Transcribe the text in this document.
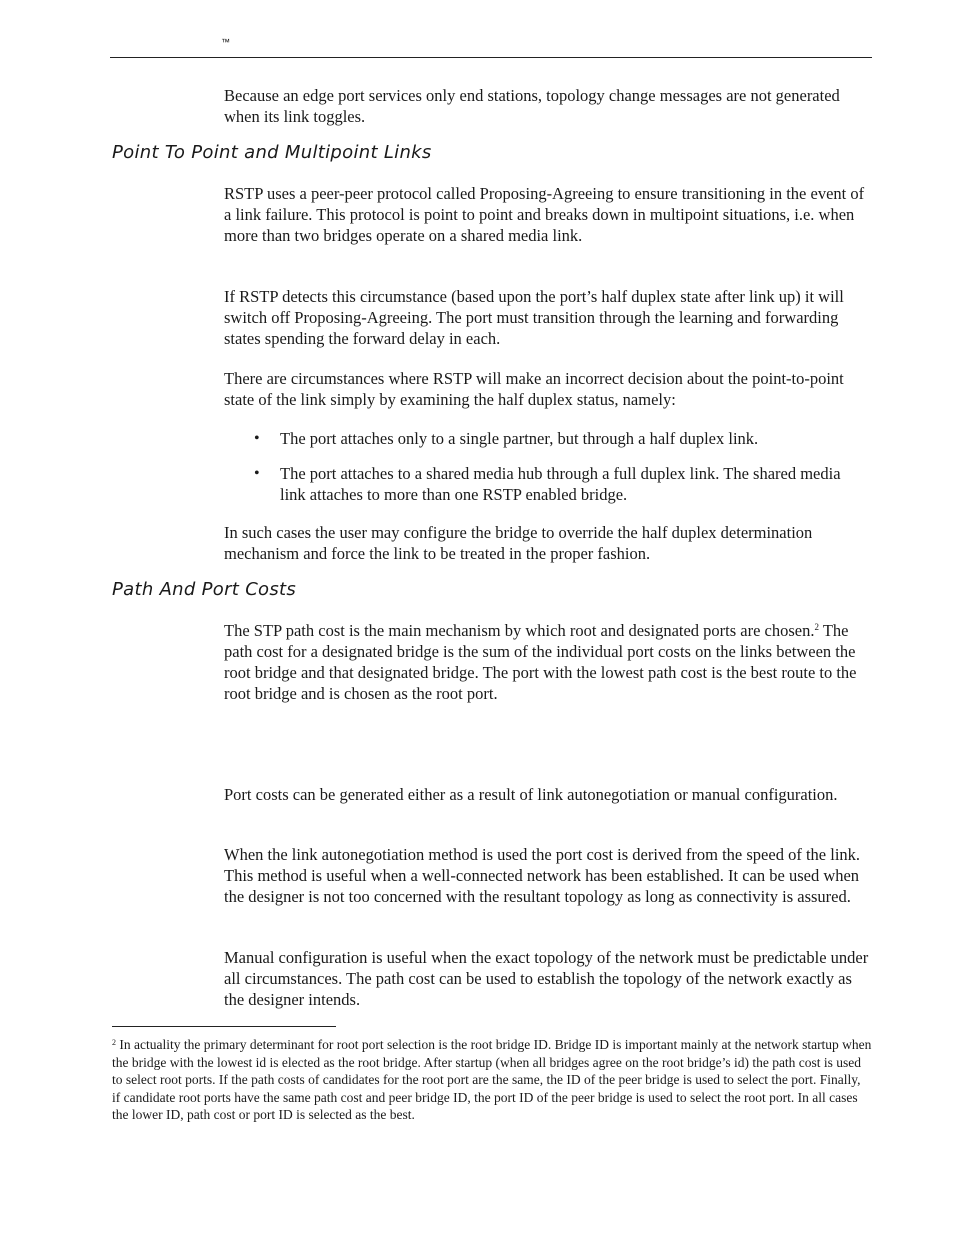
™

Because an edge port services only end stations, topology change messages are not generated when its link toggles.

Point To Point and Multipoint Links

RSTP uses a peer-peer protocol called Proposing-Agreeing to ensure transitioning in the event of a link failure. This protocol is point to point and breaks down in multipoint situations, i.e. when more than two bridges operate on a shared media link.

If RSTP detects this circumstance (based upon the port’s half duplex state after link up) it will switch off Proposing-Agreeing. The port must transition through the learning and forwarding states spending the forward delay in each.

There are circumstances where RSTP will make an incorrect decision about the point-to-point state of the link simply by examining the half duplex status, namely:

• The port attaches only to a single partner, but through a half duplex link.
• The port attaches to a shared media hub through a full duplex link. The shared media link attaches to more than one RSTP enabled bridge.

In such cases the user may configure the bridge to override the half duplex determination mechanism and force the link to be treated in the proper fashion.

Path And Port Costs

The STP path cost is the main mechanism by which root and designated ports are chosen.$^2$ The path cost for a designated bridge is the sum of the individual port costs on the links between the root bridge and that designated bridge. The port with the lowest path cost is the best route to the root bridge and is chosen as the root port.

Port costs can be generated either as a result of link autonegotiation or manual configuration.

When the link autonegotiation method is used the port cost is derived from the speed of the link. This method is useful when a well-connected network has been established. It can be used when the designer is not too concerned with the resultant topology as long as connectivity is assured.

Manual configuration is useful when the exact topology of the network must be predictable under all circumstances. The path cost can be used to establish the topology of the network exactly as the designer intends.

$^2$ In actuality the primary determinant for root port selection is the root bridge ID. Bridge ID is important mainly at the network startup when the bridge with the lowest id is elected as the root bridge. After startup (when all bridges agree on the root bridge’s id) the path cost is used to select root ports. If the path costs of candidates for the root port are the same, the ID of the peer bridge is used to select the port. Finally, if candidate root ports have the same path cost and peer bridge ID, the port ID of the peer bridge is used to select the root port. In all cases the lower ID, path cost or port ID is selected as the best.
